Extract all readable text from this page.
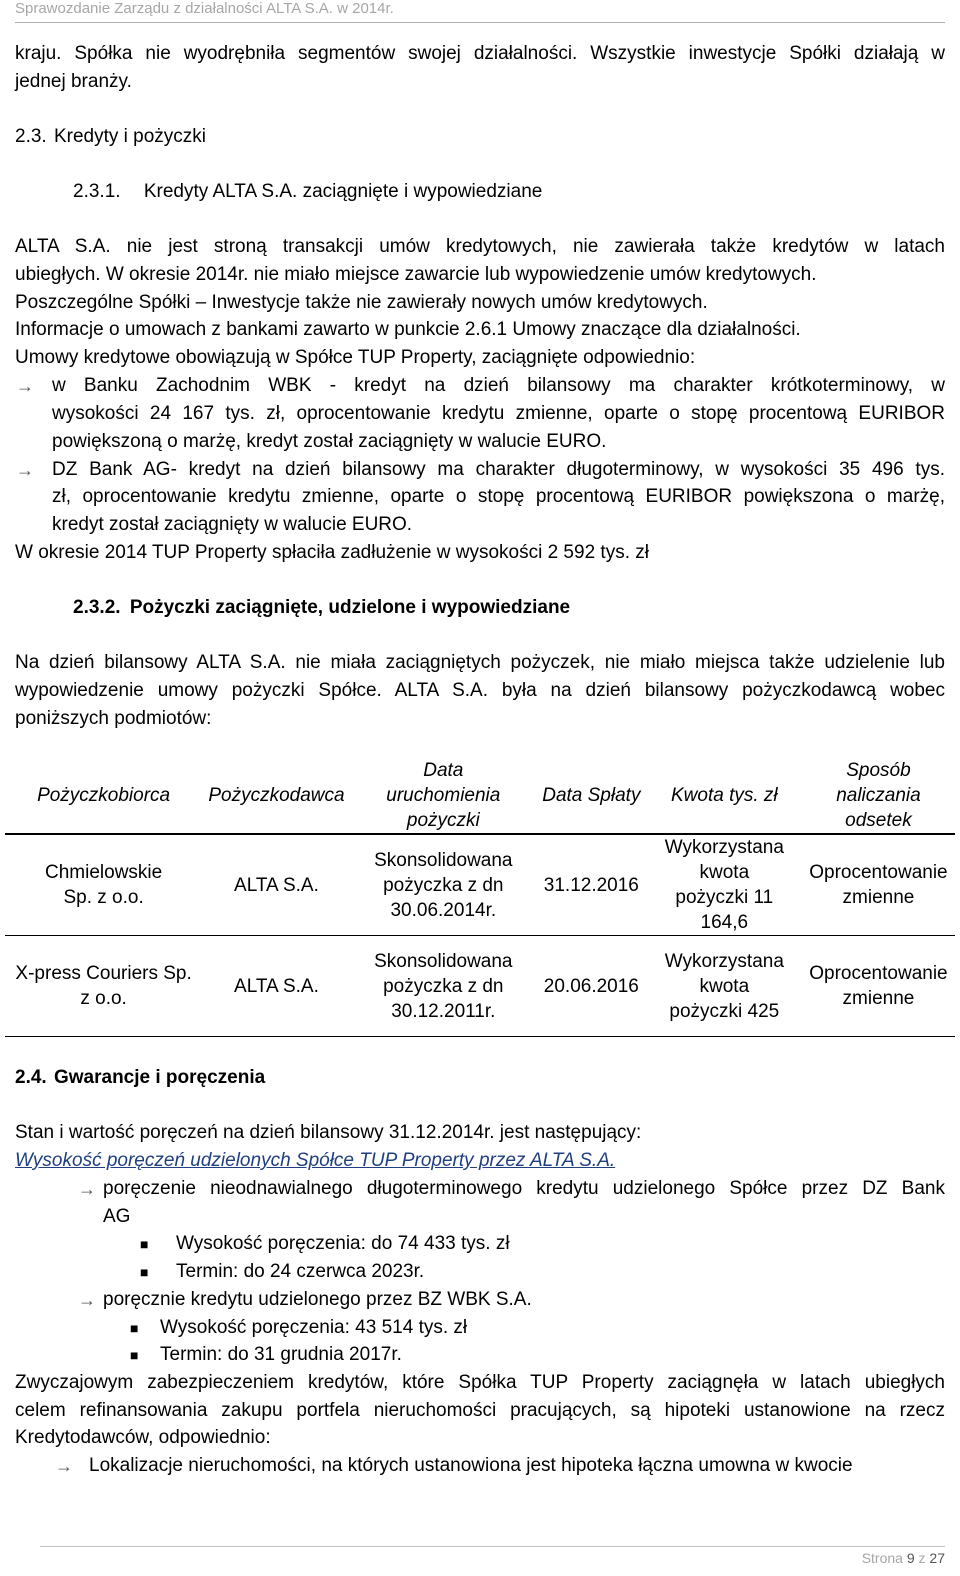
Sprawozdanie Zarządu z działalności ALTA S.A. w 2014r.
kraju. Spółka nie wyodrębniła segmentów swojej działalności. Wszystkie inwestycje Spółki działają w
jednej branży.
2.3. Kredyty i pożyczki
2.3.1. Kredyty ALTA S.A. zaciągnięte i wypowiedziane
ALTA S.A. nie jest stroną transakcji umów kredytowych, nie zawierała także kredytów w latach
ubiegłych. W okresie 2014r. nie miało miejsce zawarcie lub wypowiedzenie umów kredytowych.
Poszczególne Spółki – Inwestycje także nie zawierały nowych umów kredytowych.
Informacje o umowach z bankami zawarto w punkcie 2.6.1 Umowy znaczące dla działalności.
Umowy kredytowe obowiązują w Spółce TUP Property, zaciągnięte odpowiednio:
→ w Banku Zachodnim WBK - kredyt na dzień bilansowy ma charakter krótkoterminowy, w
wysokości 24 167 tys. zł, oprocentowanie kredytu zmienne, oparte o stopę procentową EURIBOR
powiększoną o marżę, kredyt został zaciągnięty w walucie EURO.
→ DZ Bank AG- kredyt na dzień bilansowy ma charakter długoterminowy, w wysokości 35 496 tys.
zł, oprocentowanie kredytu zmienne, oparte o stopę procentową EURIBOR powiększona o marżę,
kredyt został zaciągnięty w walucie EURO.
W okresie 2014 TUP Property spłaciła zadłużenie w wysokości 2 592 tys. zł
2.3.2. Pożyczki zaciągnięte, udzielone i wypowiedziane
Na dzień bilansowy ALTA S.A. nie miała zaciągniętych pożyczek, nie miało miejsca także udzielenie lub
wypowiedzenie umowy pożyczki Spółce. ALTA S.A. była na dzień bilansowy pożyczkodawcą wobec
poniższych podmiotów:
Pożyczkobiorca	Pożyczkodawca	Data uruchomienia pożyczki	Data Spłaty	Kwota tys. zł	Sposób naliczania odsetek
Chmielowskie Sp. z o.o.	ALTA S.A.	Skonsolidowana pożyczka z dn 30.06.2014r.	31.12.2016	Wykorzystana kwota pożyczki 11 164,6	Oprocentowanie zmienne
X-press Couriers Sp. z o.o.	ALTA S.A.	Skonsolidowana pożyczka z dn 30.12.2011r.	20.06.2016	Wykorzystana kwota pożyczki 425	Oprocentowanie zmienne
2.4. Gwarancje i poręczenia
Stan i wartość poręczeń na dzień bilansowy 31.12.2014r. jest następujący:
Wysokość poręczeń udzielonych Spółce TUP Property przez ALTA S.A.
→ poręczenie nieodnawialnego długoterminowego kredytu udzielonego Spółce przez DZ Bank
AG
■ Wysokość poręczenia: do 74 433 tys. zł
■ Termin: do 24 czerwca 2023r.
→ poręcznie kredytu udzielonego przez BZ WBK S.A.
■ Wysokość poręczenia: 43 514 tys. zł
■ Termin: do 31 grudnia 2017r.
Zwyczajowym zabezpieczeniem kredytów, które Spółka TUP Property zaciągnęła w latach ubiegłych
celem refinansowania zakupu portfela nieruchomości pracujących, są hipoteki ustanowione na rzecz
Kredytodawców, odpowiednio:
→ Lokalizacje nieruchomości, na których ustanowiona jest hipoteka łączna umowna w kwocie
Strona 9 z 27
